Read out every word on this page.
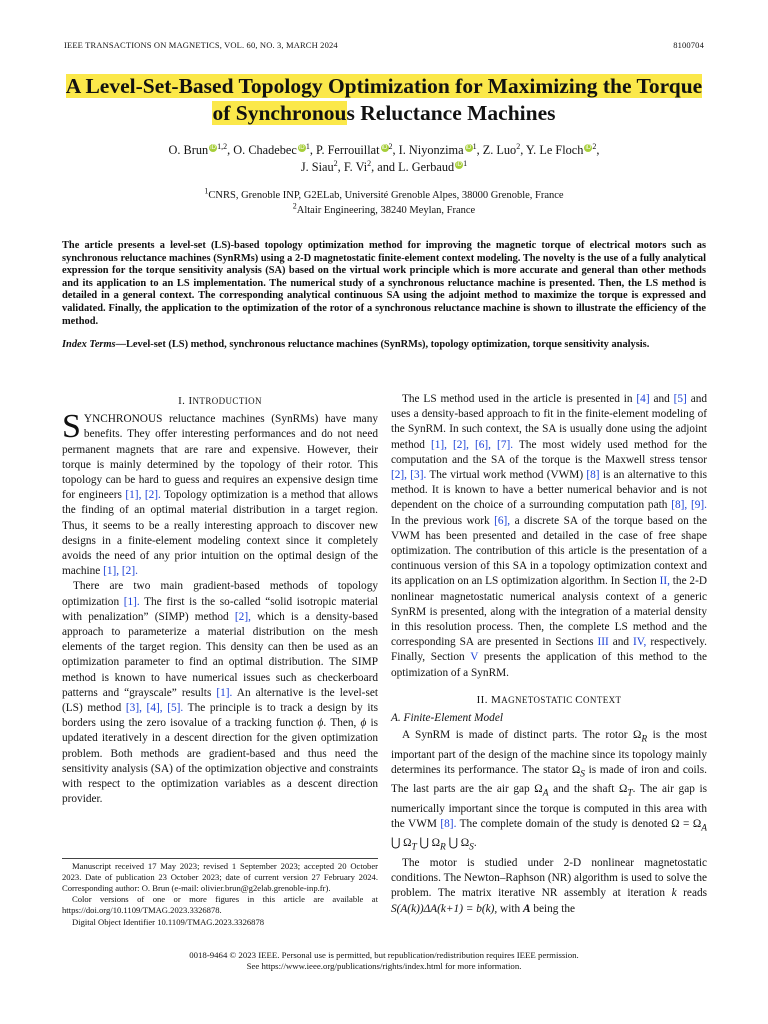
IEEE TRANSACTIONS ON MAGNETICS, VOL. 60, NO. 3, MARCH 2024	8100704
A Level-Set-Based Topology Optimization for Maximizing the Torque of Synchronous Reluctance Machines
O. Brun iD$^{1,2}$, O. Chadebec $iD^1$, P. Ferrouillat $iD^2$, I. Niyonzima $iD^1$, Z. Luo$^2$, Y. Le Floch $iD^2$,
J. Siau$^2$, F. Vi$^2$, and L. Gerbaud $iD^1$
$^1$CNRS, Grenoble INP, G2ELab, Université Grenoble Alpes, 38000 Grenoble, France
$^2$Altair Engineering, 38240 Meylan, France
The article presents a level-set (LS)-based topology optimization method for improving the magnetic torque of electrical motors such as synchronous reluctance machines (SynRMs) using a 2-D magnetostatic finite-element context modeling. The novelty is the use of a fully analytical expression for the torque sensitivity analysis (SA) based on the virtual work principle which is more accurate and general than other methods and its application to an LS implementation. The numerical study of a synchronous reluctance machine is presented. Then, the LS method is detailed in a general context. The corresponding analytical continuous SA using the adjoint method to maximize the torque is expressed and validated. Finally, the application to the optimization of the rotor of a synchronous reluctance machine is shown to illustrate the efficiency of the method.
Index Terms—Level-set (LS) method, synchronous reluctance machines (SynRMs), topology optimization, torque sensitivity analysis.
I. INTRODUCTION

SYNCHRONOUS reluctance machines (SynRMs) have many benefits. They offer interesting performances and do not need permanent magnets that are rare and expensive. However, their torque is mainly determined by the topology of their rotor. This topology can be hard to guess and requires an expensive design time for engineers [1], [2]. Topology optimization is a method that allows the finding of an optimal material distribution in a target region. Thus, it seems to be a really interesting approach to discover new designs in a finite-element modeling context since it completely avoids the need of any prior intuition on the optimal design of the machine [1], [2].

There are two main gradient-based methods of topology optimization [1]. The first is the so-called “solid isotropic material with penalization” (SIMP) method [2], which is a density-based approach to parameterize a material distribution on the mesh elements of the target region. This density can then be used as an optimization parameter to find an optimal distribution. The SIMP method is known to have numerical issues such as checkerboard patterns and “grayscale” results [1]. An alternative is the level-set (LS) method [3], [4], [5]. The principle is to track a design by its borders using the zero isovalue of a tracking function ϕ. Then, ϕ is updated iteratively in a descent direction for the given optimization problem. Both methods are gradient-based and thus need the sensitivity analysis (SA) of the optimization objective and constraints with respect to the optimization variables as a descent direction provider.

Manuscript received 17 May 2023; revised 1 September 2023; accepted 20 October 2023. Date of publication 23 October 2023; date of current version 27 February 2024. Corresponding author: O. Brun (e-mail: olivier.brun@g2elab.grenoble-inp.fr).

Color versions of one or more figures in this article are available at https://doi.org/10.1109/TMAG.2023.3326878.

Digital Object Identifier 10.1109/TMAG.2023.3326878

The LS method used in the article is presented in [4] and [5] and uses a density-based approach to fit in the finite-element modeling of the SynRM. In such context, the SA is usually done using the adjoint method [1], [2], [6], [7]. The most widely used method for the computation and the SA of the torque is the Maxwell stress tensor [2], [3]. The virtual work method (VWM) [8] is an alternative to this method. It is known to have a better numerical behavior and is not dependent on the choice of a surrounding computation path [8], [9]. In the previous work [6], a discrete SA of the torque based on the VWM has been presented and detailed in the case of free shape optimization. The contribution of this article is the presentation of a continuous version of this SA in a topology optimization context and its application on an LS optimization algorithm. In Section II, the 2-D nonlinear magnetostatic numerical analysis context of a generic SynRM is presented, along with the integration of a material density in this resolution process. Then, the complete LS method and the corresponding SA are presented in Sections III and IV, respectively. Finally, Section V presents the application of this method to the optimization of a SynRM.

II. MAGNETOSTATIC CONTEXT
A. Finite-Element Model

A SynRM is made of distinct parts. The rotor $\Omega_R$ is the most important part of the design of the machine since its topology mainly determines its performance. The stator $\Omega_S$ is made of iron and coils. The last parts are the air gap $\Omega_A$ and the shaft $\Omega_T$. The air gap is numerically important since the torque is computed in this area with the VWM [8]. The complete domain of the study is denoted $\Omega = \Omega_A$ ⋃ $\Omega_T$ ⋃ $\Omega_R$ ⋃ $\Omega_S$.

The motor is studied under 2-D nonlinear magnetostatic conditions. The Newton–Raphson (NR) algorithm is used to solve the problem. The matrix iterative NR assembly at iteration k reads S(A(k))ΔA(k+1) = b(k), with A being the

0018-9464 © 2023 IEEE. Personal use is permitted, but republication/redistribution requires IEEE permission.
See https://www.ieee.org/publications/rights/index.html for more information.
